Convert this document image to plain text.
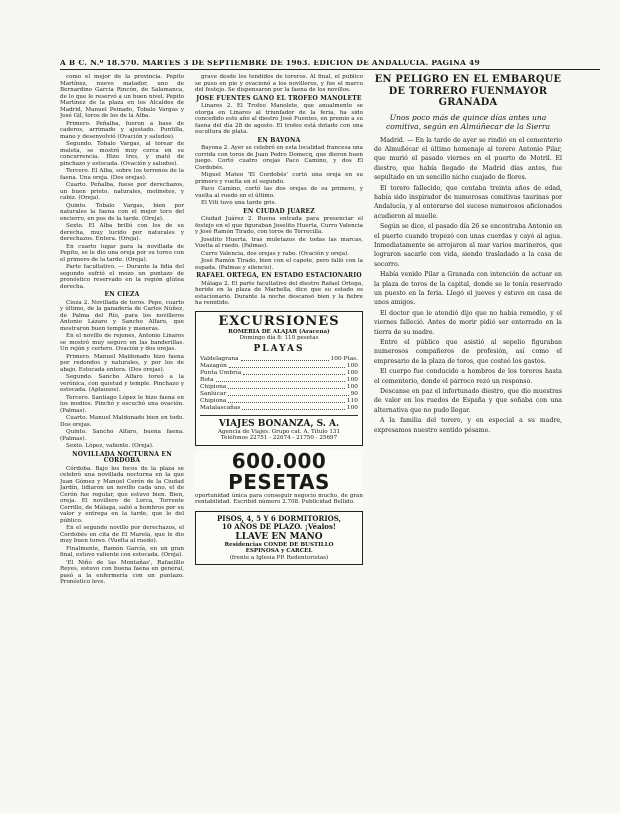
A B C. N.º 18.570. MARTES 3 DE SEPTIEMBRE DE 1963. EDICION DE ANDALUCIA. PAGINA 49

como el mejor de la provincia. Pepito Martínez, nuevo matador, uno de Bernardino Garcia Rincón, de Salamanca, de lo que le reservó a un buen nivel. Pepito Martínez de la plaza en los Alcaldes de Madrid, Manuel Peinado, Tobalo Vargas y José Gil, toros de los de la Alba.

Primero. Peñalba, fueron a base de caderos, arrimado y ajustado. Puntilla, mano y desenvolvió (Ovación y saludos).

Segundo. Tobalo Vargas, al torear de muleta, se mostró muy cerca en su concurrencia. Hizo tres, y mató de pinchazo y estocada. (Ovación y saludos).

Tercero. El Alba, sobre los terrenos de la faena. Una oreja. (Dos orejas).

Cuarto. Peñalba, fuese por derechazos, un buen prieto, naturales, molinetes, y cabiz. (Oreja).

Quinto. Tobalo Vargas, bien por naturales la faena con el mejor toro del encierro, en pos de la tarde. (Oreja).

Sexto. El Alba brilló con los de su derecha, muy lucido por naturales y derechazos. Entera. (Oreja).

En cuarto lugar para la novillada de Pepito, se le dio una oreja por su toreo con el primero de la tarde. (Oreja).

Parte facultativo. — Durante la lidia del segundo sufrió el mozo un puntazo de pronóstico reservado en la región glútea derecha.

EN CIEZA

Cieza 2. Novillada de toros. Pepe, cuarto y último, de la ganadería de Carlos Núñez, de Palma del Río, para los novilleros Antonio Lázaro y Sancho Alfaro, que mostraron buen temple y maneras.

En el novillo de rejones, Antonio Linares se mostró muy seguro en las banderillas. Un rejón y certero. Ovación y dos orejas.

Primero. Manuel Maldonado hizo faena por redondos y naturales, y por los de abajo. Estocada entera. (Dos orejas).

Segundo. Sancho Alfaro toreó a la verónica, con quietud y temple. Pinchazo y estocada. (Aplausos).

Tercero. Santiago López le hizo faena en los medios. Pinchó y escuchó una ovación. (Palmas).

Cuarto. Manuel Maldonado bien en todo. Dos orejas.

Quinto. Sancho Alfaro, buena faena. (Palmas).

Sexto. López, valiente. (Oreja).

NOVILLADA NOCTURNA EN CORDOBA

Córdoba. Bajo los focos de la plaza se celebró una novillada nocturna en la que Juan Gómez y Manuel Cerón de la Ciudad Jardín, lidiaron un novillo cada uno, el de Cerón fue regular, que estuvo bien. Bien, oreja. El novillero de Lorca, Torrente Cerrillo, de Málaga, salió a hombros por su valor y entrega en la tarde, que lo del público.

En el segundo novillo por derechazos, el Cordobés en cita de El Marela, que le dio muy buen toreo. (Vuelta al ruedo).

Finalmente, Ramón García, en un gran final, estuvo valiente con estocada. (Oreja).

'El Niño de las Montañas', Rafaelillo Reyes, estuvo con buena faena en general, pasó a la enfermería con un puntazo. Pronóstico leve.

grave desde los tendidos de toreros. Al final, el público se puso en pie y ovacionó a los novilleros, y fue el marco del festejo. Se dispensaron por la faena de los novillos.

JOSE FUENTES GANO EL TROFEO MANOLETE

Linares 2. El Trofeo Manolete, que anualmente se otorga en Linares al triunfador de la feria, ha sido concedido este año al diestro José Fuentes, en premio a su faena del día 28 de agosto. El trofeo está dotado con una escultura de plata.

EN BAYONA

Bayona 2. Ayer se celebró en esta localidad francesa una corrida con toros de Juan Pedro Domecq, que dieron buen juego. Cortó cuatro orejas Paco Camino, y dos El Cordobés.

Miguel Mateo 'El Cordobés' cortó una oreja en su primero y vuelta en el segundo.

Paco Camino, cortó las dos orejas de su primero, y vuelta al ruedo en el último.

El Viti tuvo una tarde gris.

EN CIUDAD JUAREZ

Ciudad Juárez 2. Buena entrada para presenciar el festejo en el que figuraban Joselito Huerta, Curro Valencia y José Ramón Tirado, con toros de Torrecilla.

Joselito Huerta, tras muletazos de todas las marcas, Vuelta al ruedo. (Palmas).

Curro Valencia, dos orejas y rabo. (Ovación y oreja).

José Ramón Tirado, bien con el capote, pero falló con la espada. (Palmas y silencio).

RAFAEL ORTEGA, EN ESTADO ESTACIONARIO

Málaga 2. El parte facultativo del diestro Rafael Ortega, herido en la plaza de Marbella, dice que su estado es estacionario. Durante la noche descansó bien y la fiebre ha remitido.

EXCURSIONES
ROMERIA DE ALAJAR (Aracena)
Domingo día 8: 110 pesetas
PLAYAS
Valdelagrana	100 Ptas.
Mazagón	100
Punta Umbría	100
Rota	100
Chipiona	100
Sanlúcar	90
Chipiona	110
Matalascañas	100
VIAJES BONANZA, S. A.
Agencia de Viajes. Grupo cat. A. Título 131
Teléfonos 22751 - 22674 - 21750 - 25697
600.000 PESETAS
oportunidad única para conseguir negocio mucho, de gran rentabilidad. Escribid número 2.708. Publicidad Bellido.
PISOS, 4, 5 Y 6 DORMITORIOS,
10 AÑOS DE PLAZO. ¡Véalos!
LLAVE EN MANO
Residencias CONDE DE BUSTILLO
ESPINOSA y CARCEL
(frente a Iglesia PP. Redentoristas)
EN PELIGRO EN EL EMBARQUE DE TORRERO FUENMAYOR GRANADA
Unos poco más de quince días antes una comitiva, según en Almúñecar de la Sierra

Madrid. — En la tarde de ayer se rindió en el cementerio de Almuñécar el último homenaje al torero Antonio Pilar, que murió el pasado viernes en el puerto de Motril. El diestro, que había llegado de Madrid días antes, fue sepultado en un sencillo nicho cuajado de flores.

El torero fallecido, que contaba treinta años de edad, había sido inspirador de numerosas comitivas taurinas por Andalucía, y al enterarse del suceso numerosos aficionados acudieron al muelle.

Según se dice, el pasado día 26 se encontraba Antonio en el puerto cuando tropezó con unas cuerdas y cayó al agua. Inmediatamente se arrojaron al mar varios marineros, que lograron sacarle con vida, siendo trasladado a la casa de socorro.

Había venido Pilar a Granada con intención de actuar en la plaza de toros de la capital, donde se le tenía reservado un puesto en la feria. Llegó el jueves y estuvo en casa de unos amigos.

El doctor que le atendió dijo que no había remedio, y el viernes falleció. Antes de morir pidió ser enterrado en la tierra de su madre.

Entre el público que asistió al sepelio figuraban numerosos compañeros de profesión, así como el empresario de la plaza de toros, que costeó los gastos.

El cuerpo fue conducido a hombros de los toreros hasta el cementerio, donde el párroco rezó un responso.

Descanse en paz el infortunado diestro, que dio muestras de valor en los ruedos de España y que soñaba con una alternativa que no pudo llegar.

A la familia del torero, y en especial a su madre, expresamos nuestro sentido pésame.
